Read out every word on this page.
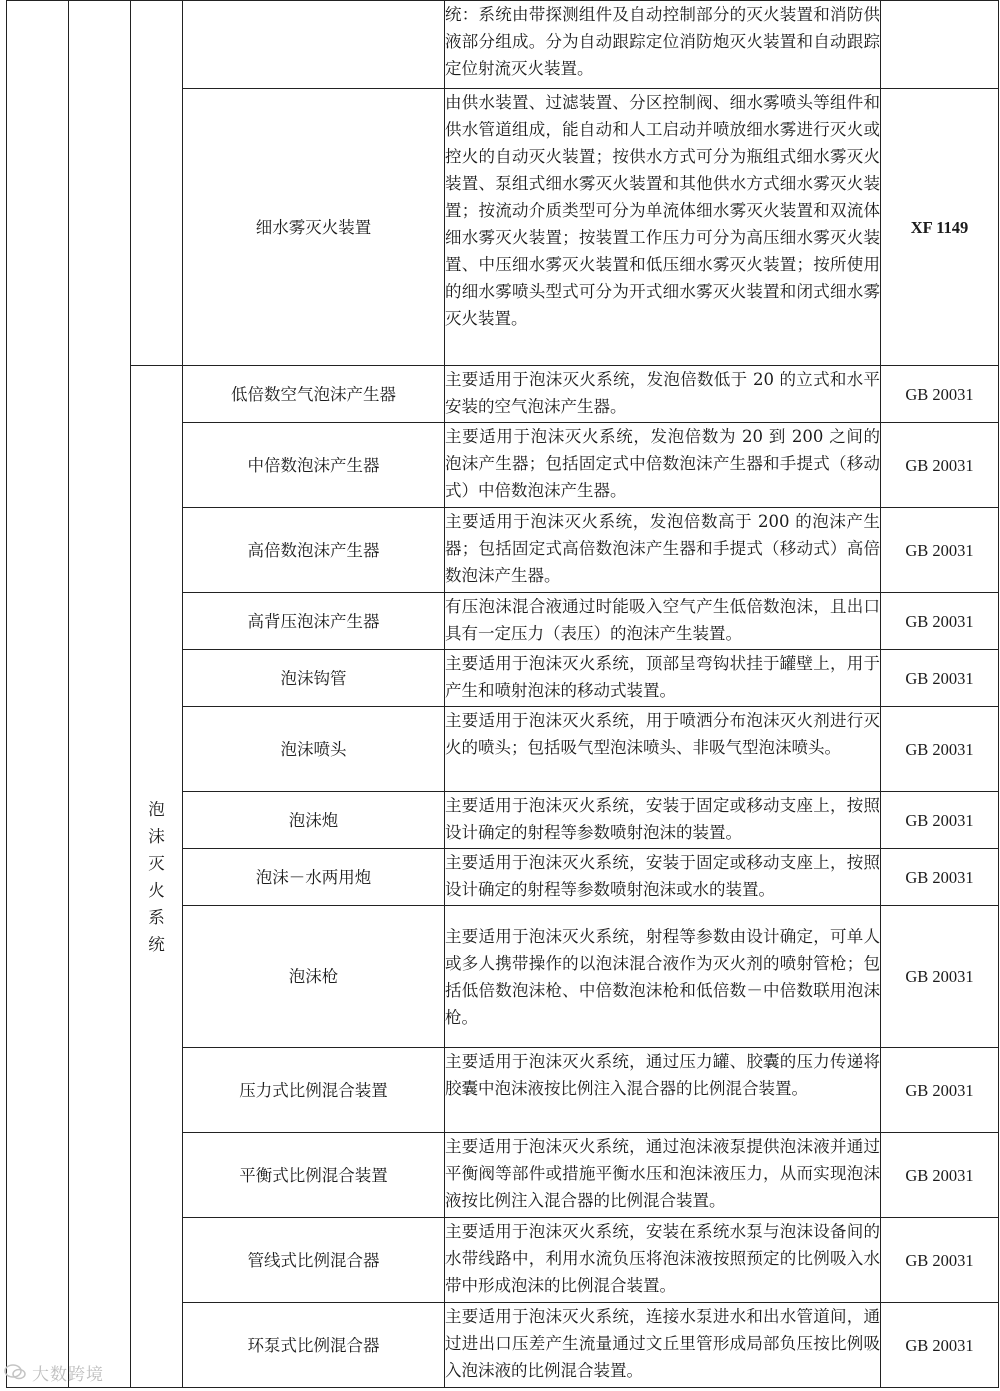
				统：系统由带探测组件及自动控制部分的灭火装置和消防供液部分组成。分为自动跟踪定位消防炮灭火装置和自动跟踪定位射流灭火装置。	
			细水雾灭火装置	由供水装置、过滤装置、分区控制阀、细水雾喷头等组件和供水管道组成，能自动和人工启动并喷放细水雾进行灭火或控火的自动灭火装置；按供水方式可分为瓶组式细水雾灭火装置、泵组式细水雾灭火装置和其他供水方式细水雾灭火装置；按流动介质类型可分为单流体细水雾灭火装置和双流体细水雾灭火装置；按装置工作压力可分为高压细水雾灭火装置、中压细水雾灭火装置和低压细水雾灭火装置；按所使用的细水雾喷头型式可分为开式细水雾灭火装置和闭式细水雾灭火装置。	XF 1149
		泡沫灭火系统	低倍数空气泡沫产生器	主要适用于泡沫灭火系统，发泡倍数低于 20 的立式和水平安装的空气泡沫产生器。	GB 20031
			中倍数泡沫产生器	主要适用于泡沫灭火系统，发泡倍数为 20 到 200 之间的泡沫产生器；包括固定式中倍数泡沫产生器和手提式（移动式）中倍数泡沫产生器。	GB 20031
			高倍数泡沫产生器	主要适用于泡沫灭火系统，发泡倍数高于 200 的泡沫产生器；包括固定式高倍数泡沫产生器和手提式（移动式）高倍数泡沫产生器。	GB 20031
			高背压泡沫产生器	有压泡沫混合液通过时能吸入空气产生低倍数泡沫，且出口具有一定压力（表压）的泡沫产生装置。	GB 20031
			泡沫钩管	主要适用于泡沫灭火系统，顶部呈弯钩状挂于罐壁上，用于产生和喷射泡沫的移动式装置。	GB 20031
			泡沫喷头	主要适用于泡沫灭火系统，用于喷洒分布泡沫灭火剂进行灭火的喷头；包括吸气型泡沫喷头、非吸气型泡沫喷头。	GB 20031
			泡沫炮	主要适用于泡沫灭火系统，安装于固定或移动支座上，按照设计确定的射程等参数喷射泡沫的装置。	GB 20031
			泡沫－水两用炮	主要适用于泡沫灭火系统，安装于固定或移动支座上，按照设计确定的射程等参数喷射泡沫或水的装置。	GB 20031
			泡沫枪	主要适用于泡沫灭火系统，射程等参数由设计确定，可单人或多人携带操作的以泡沫混合液作为灭火剂的喷射管枪；包括低倍数泡沫枪、中倍数泡沫枪和低倍数－中倍数联用泡沫枪。	GB 20031
			压力式比例混合装置	主要适用于泡沫灭火系统，通过压力罐、胶囊的压力传递将胶囊中泡沫液按比例注入混合器的比例混合装置。	GB 20031
			平衡式比例混合装置	主要适用于泡沫灭火系统，通过泡沫液泵提供泡沫液并通过平衡阀等部件或措施平衡水压和泡沫液压力，从而实现泡沫液按比例注入混合器的比例混合装置。	GB 20031
			管线式比例混合器	主要适用于泡沫灭火系统，安装在系统水泵与泡沫设备间的水带线路中，利用水流负压将泡沫液按照预定的比例吸入水带中形成泡沫的比例混合装置。	GB 20031
			环泵式比例混合器	主要适用于泡沫灭火系统，连接水泵进水和出水管道间，通过进出口压差产生流量通过文丘里管形成局部负压按比例吸入泡沫液的比例混合装置。	GB 20031
大数跨境
